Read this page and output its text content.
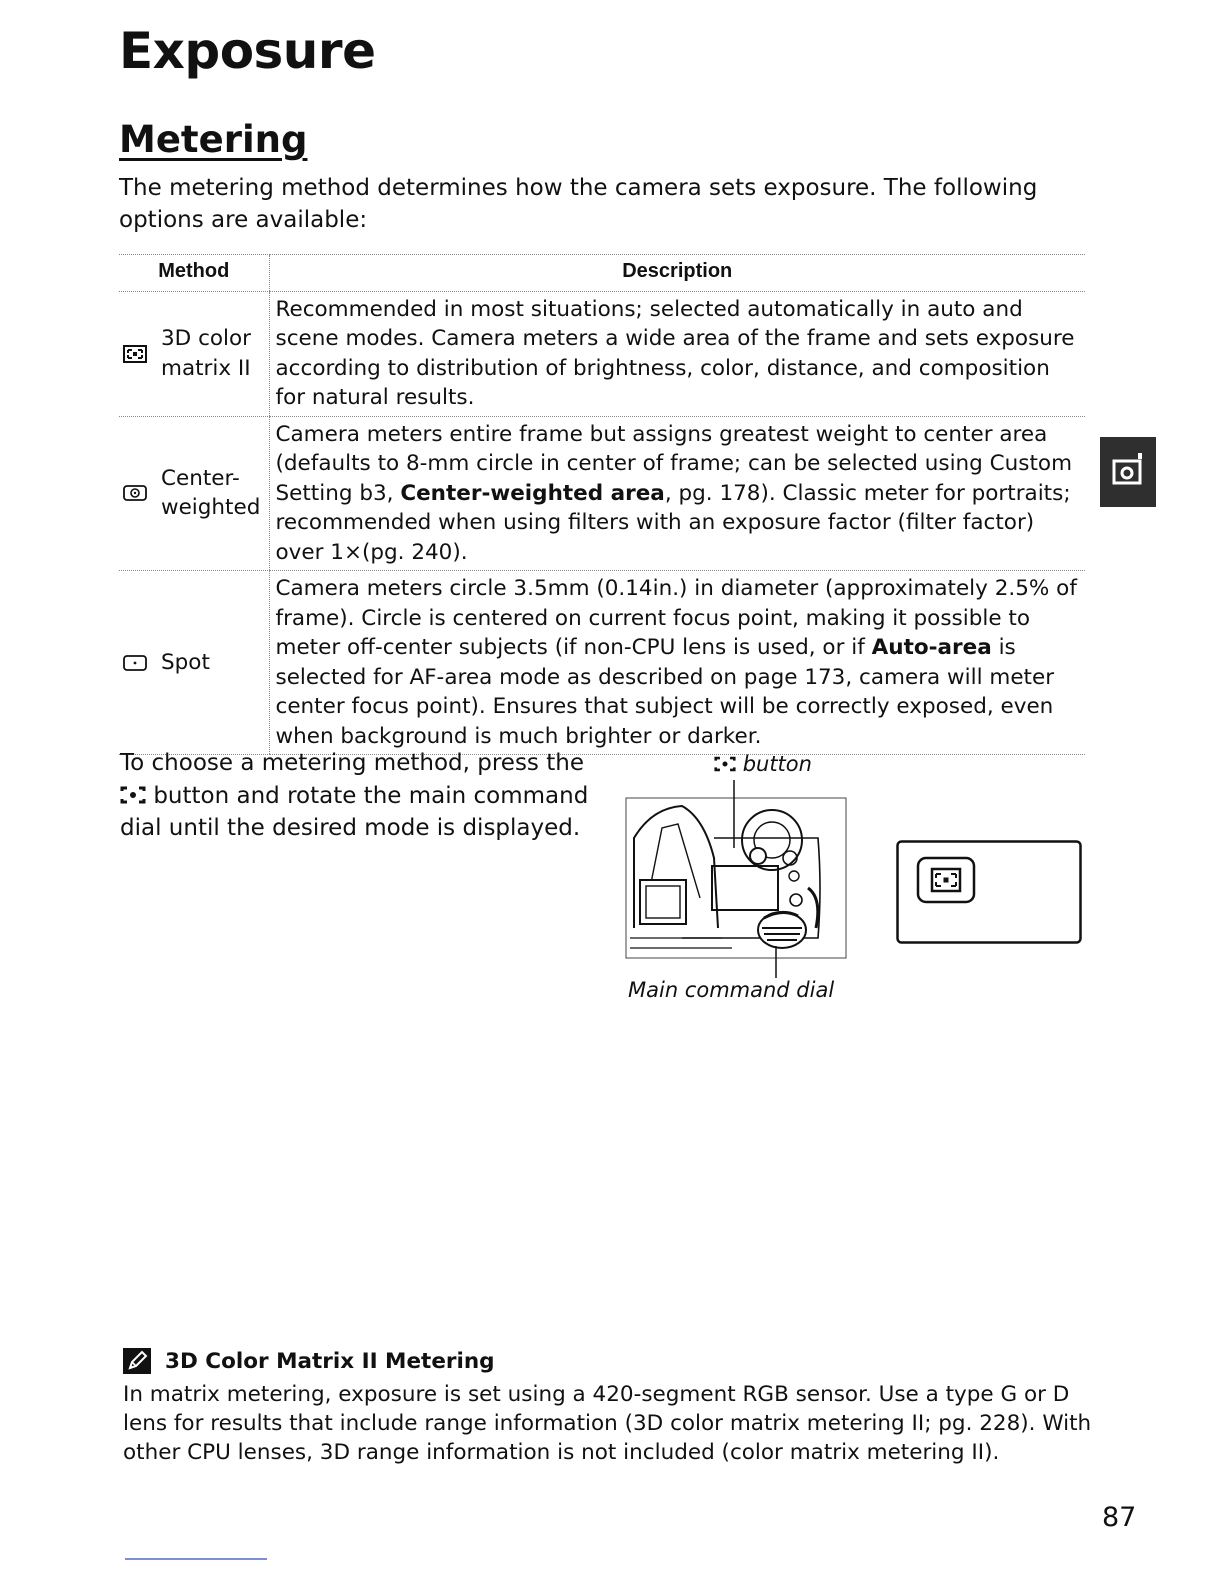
Exposure
Metering

The metering method determines how the camera sets exposure. The following options are available:

Method	Description

3D color matrix II	Recommended in most situations; selected automatically in auto and scene modes. Camera meters a wide area of the frame and sets exposure according to distribution of brightness, color, distance, and composition for natural results.

Center-weighted	Camera meters entire frame but assigns greatest weight to center area (defaults to 8-mm circle in center of frame; can be selected using Custom Setting b3, Center-weighted area, pg. 178). Classic meter for portraits; recommended when using filters with an exposure factor (filter factor) over 1×(pg. 240).

Spot	Camera meters circle 3.5mm (0.14in.) in diameter (approximately 2.5% of frame). Circle is centered on current focus point, making it possible to meter off-center subjects (if non-CPU lens is used, or if Auto-area is selected for AF-area mode as described on page 173, camera will meter center focus point). Ensures that subject will be correctly exposed, even when background is much brighter or darker.

To choose a metering method, press the
button and rotate the main command dial until the desired mode is displayed.

button
Main command dial
3D Color Matrix II Metering

In matrix metering, exposure is set using a 420-segment RGB sensor. Use a type G or D lens for results that include range information (3D color matrix metering II; pg. 228). With other CPU lenses, 3D range information is not included (color matrix metering II).

87
